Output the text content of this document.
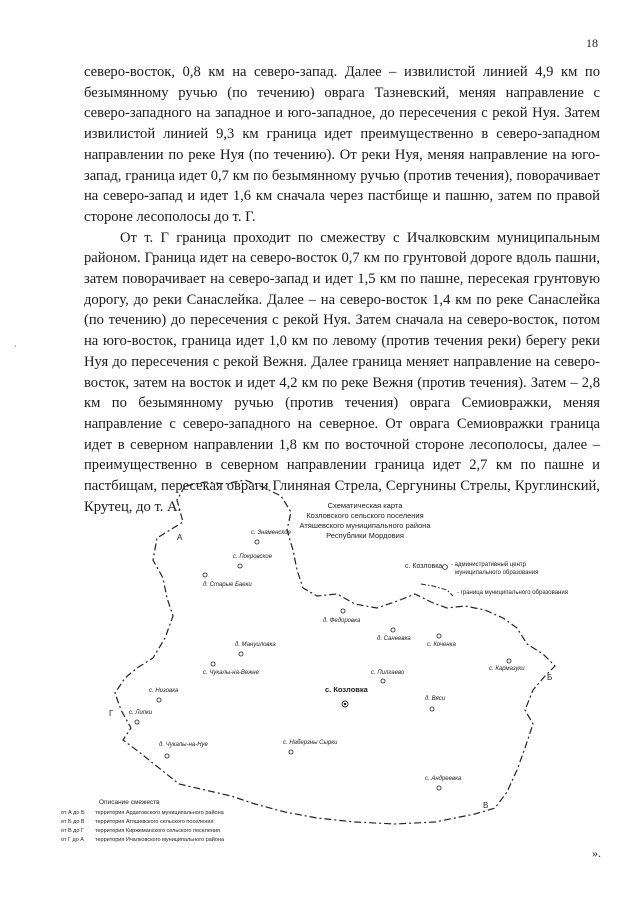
18
,

северо-восток, 0,8 км на северо-запад. Далее – извилистой линией 4,9 км по безымянному ручью (по течению) оврага Тазневский, меняя направление с северо-западного на западное и юго-западное, до пересечения с рекой Нуя. Затем извилистой линией 9,3 км граница идет преимущественно в северо-западном направлении по реке Нуя (по течению). От реки Нуя, меняя направление на юго-запад, граница идет 0,7 км по безымянному ручью (против течения), поворачивает на северо-запад и идет 1,6 км сначала через пастбище и пашню, затем по правой стороне лесополосы до т. Г.

От т. Г граница проходит по смежеству с Ичалковским муниципальным районом. Граница идет на северо-восток 0,7 км по грунтовой дороге вдоль пашни, затем поворачивает на северо-запад и идет 1,5 км по пашне, пересекая грунтовую дорогу, до реки Санаслейка. Далее – на северо-восток 1,4 км по реке Санаслейка (по течению) до пересечения с рекой Нуя. Затем сначала на северо-восток, потом на юго-восток, граница идет 1,0 км по левому (против течения реки) берегу реки Нуя до пересечения с рекой Вежня. Далее граница меняет направление на северо-восток, затем на восток и идет 4,2 км по реке Вежня (против течения). Затем – 2,8 км по безымянному ручью (против течения) оврага Семиовражки, меняя направление с северо-западного на северное. От оврага Семиовражки граница идет в северном направлении 1,8 км по восточной стороне лесополосы, далее – преимущественно в северном направлении граница идет 2,7 км по пашне и пастбищам, пересекая овраги Глиняная Стрела, Сергунины Стрелы, Круглинский, Крутец, до т. А.	Схематическая карта
Козловского сельского поселения
Атяшевского муниципального района
Республики Мордовия
с. Козловка - административный центр
муниципального образования
- граница муниципального образования
А
Б
В
Г
с. Знаменское
с. Покровское
д. Старые Баеки
д. Федоровка
д. Санеевка
с. Коченка
с. Кармазуки
д. Мануиловка
с. Чукалы-на-Вежне	с. Пилгаево
с. Низовка	с. Козловка
д. Вяси
с. Липки
с. Наберзны Сырки
д. Чукалы-на-Нуе
с. Андреевка
Описание смежеств
от А до Б территория Ардатовского муниципального района
от Б до В территория Атяшевского сельского поселения
от В до Г территория Киржеманского сельского поселения
от Г до А территория Ичалковского муниципального района
».
